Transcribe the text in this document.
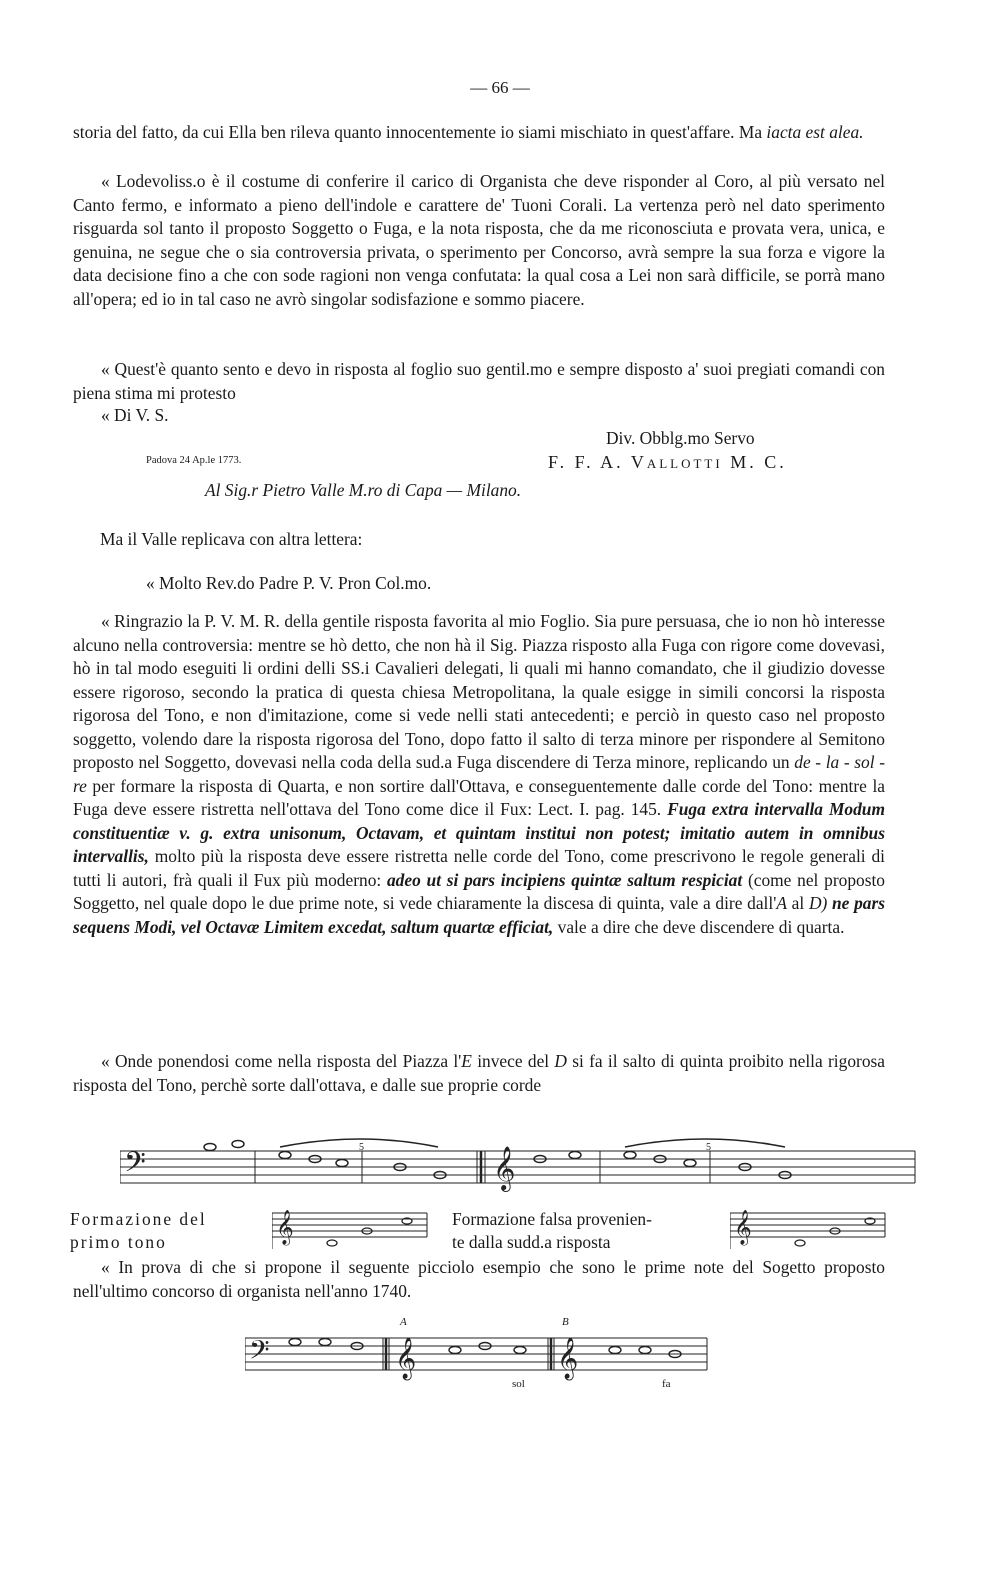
— 66 —

storia del fatto, da cui Ella ben rileva quanto innocentemente io siami mischiato in quest'affare. Ma iacta est alea.

« Lodevoliss.o è il costume di conferire il carico di Organista che deve risponder al Coro, al più versato nel Canto fermo, e informato a pieno dell'indole e carattere de' Tuoni Corali. La vertenza però nel dato sperimento risguarda sol tanto il proposto Soggetto o Fuga, e la nota risposta, che da me riconosciuta e provata vera, unica, e genuina, ne segue che o sia controversia privata, o sperimento per Concorso, avrà sempre la sua forza e vigore la data decisione fino a che con sode ragioni non venga confutata: la qual cosa a Lei non sarà difficile, se porrà mano all'opera; ed io in tal caso ne avrò singolar sodisfazione e sommo piacere.

« Quest'è quanto sento e devo in risposta al foglio suo gentil.mo e sempre disposto a' suoi pregiati comandi con piena stima mi protesto

« Di V. S.

Div. Obblg.mo Servo
Padova 24 Ap.le 1773.	F. F. A. Vallotti M. C.
Al Sig.r Pietro Valle M.ro di Capa — Milano.
Ma il Valle replicava con altra lettera:
« Molto Rev.do Padre P. V. Pron Col.mo.

« Ringrazio la P. V. M. R. della gentile risposta favorita al mio Foglio. Sia pure persuasa, che io non hò interesse alcuno nella controversia: mentre se hò detto, che non hà il Sig. Piazza risposto alla Fuga con rigore come dovevasi, hò in tal modo eseguiti li ordini delli SS.i Cavalieri delegati, li quali mi hanno comandato, che il giudizio dovesse essere rigoroso, secondo la pratica di questa chiesa Metropolitana, la quale esigge in simili concorsi la risposta rigorosa del Tono, e non d'imitazione, come si vede nelli stati antecedenti; e perciò in questo caso nel proposto soggetto, volendo dare la risposta rigorosa del Tono, dopo fatto il salto di terza minore per rispondere al Semitono proposto nel Soggetto, dovevasi nella coda della sud.a Fuga discendere di Terza minore, replicando un de - la - sol - re per formare la risposta di Quarta, e non sortire dall'Ottava, e conseguentemente dalle corde del Tono: mentre la Fuga deve essere ristretta nell'ottava del Tono come dice il Fux: Lect. I. pag. 145. Fuga extra intervalla Modum constituentiæ v. g. extra unisonum, Octavam, et quintam institui non potest; imitatio autem in omnibus intervallis, molto più la risposta deve essere ristretta nelle corde del Tono, come prescrivono le regole generali di tutti li autori, frà quali il Fux più moderno: adeo ut si pars incipiens quintæ saltum respiciat (come nel proposto Soggetto, nel quale dopo le due prime note, si vede chiaramente la discesa di quinta, vale a dire dall'A al D) ne pars sequens Modi, vel Octavæ Limitem excedat, saltum quartæ efficiat, vale a dire che deve discendere di quarta.

« Onde ponendosi come nella risposta del Piazza l'E invece del D si fa il salto di quinta proibito nella rigorosa risposta del Tono, perchè sorte dall'ottava, e dalle sue proprie corde

𝄢	𝄞
5	5
Formazione del
primo tono	𝄞	Formazione falsa provenien-
te dalla sudd.a risposta	𝄞

« In prova di che si propone il seguente picciolo esempio che sono le prime note del Sogetto proposto nell'ultimo concorso di organista nell'anno 1740.

A	B
𝄢	𝄞	𝄞
sol	fa
